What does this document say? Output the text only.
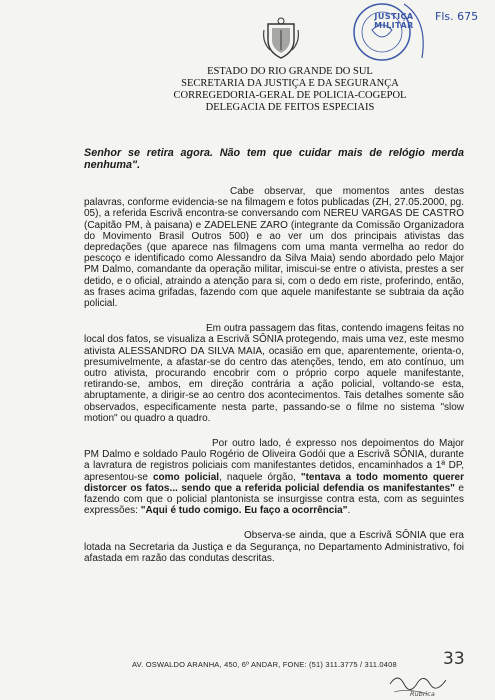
JUSTIÇA MILITAR
Fls. 675
ESTADO DO RIO GRANDE DO SUL
SECRETARIA DA JUSTIÇA E DA SEGURANÇA
CORREGEDORIA-GERAL DE POLICIA-COGEPOL
DELEGACIA DE FEITOS ESPECIAIS

Senhor se retira agora. Não tem que cuidar mais de relógio merda nenhuma".

Cabe observar, que momentos antes destas palavras, conforme evidencia-se na filmagem e fotos publicadas (ZH, 27.05.2000, pg. 05), a referida Escrivã encontra-se conversando com NEREU VARGAS DE CASTRO (Capitão PM, à paisana) e ZADELENE ZARO (integrante da Comissão Organizadora do Movimento Brasil Outros 500) e ao ver um dos principais ativistas das depredações (que aparece nas filmagens com uma manta vermelha ao redor do pescoço e identificado como Alessandro da Silva Maia) sendo abordado pelo Major PM Dalmo, comandante da operação militar, imiscui-se entre o ativista, prestes a ser detido, e o oficial, atraindo a atenção para si, com o dedo em riste, proferindo, então, as frases acima grifadas, fazendo com que aquele manifestante se subtraia da ação policial.

Em outra passagem das fitas, contendo imagens feitas no local dos fatos, se visualiza a Escrivã SÔNIA protegendo, mais uma vez, este mesmo ativista ALESSANDRO DA SILVA MAIA, ocasião em que, aparentemente, orienta-o, presumivelmente, a afastar-se do centro das atenções, tendo, em ato contínuo, um outro ativista, procurando encobrir com o próprio corpo aquele manifestante, retirando-se, ambos, em direção contrária a ação policial, voltando-se esta, abruptamente, a dirigir-se ao centro dos acontecimentos. Tais detalhes somente são observados, especificamente nesta parte, passando-se o filme no sistema "slow motion" ou quadro a quadro.

Por outro lado, é expresso nos depoimentos do Major PM Dalmo e soldado Paulo Rogério de Oliveira Godói que a Escrivã SÔNIA, durante a lavratura de registros policiais com manifestantes detidos, encaminhados a 1ª DP, apresentou-se como policial, naquele órgão, "tentava a todo momento querer distorcer os fatos... sendo que a referida policial defendia os manifestantes" e fazendo com que o policial plantonista se insurgisse contra esta, com as seguintes expressões: "Aqui é tudo comigo. Eu faço a ocorrência".

Observa-se ainda, que a Escrivã SÔNIA que era lotada na Secretaria da Justiça e da Segurança, no Departamento Administrativo, foi afastada em razão das condutas descritas.

AV. OSWALDO ARANHA, 450, 6º ANDAR, FONE: (51) 311.3775 / 311.0408	33
Rubrica
